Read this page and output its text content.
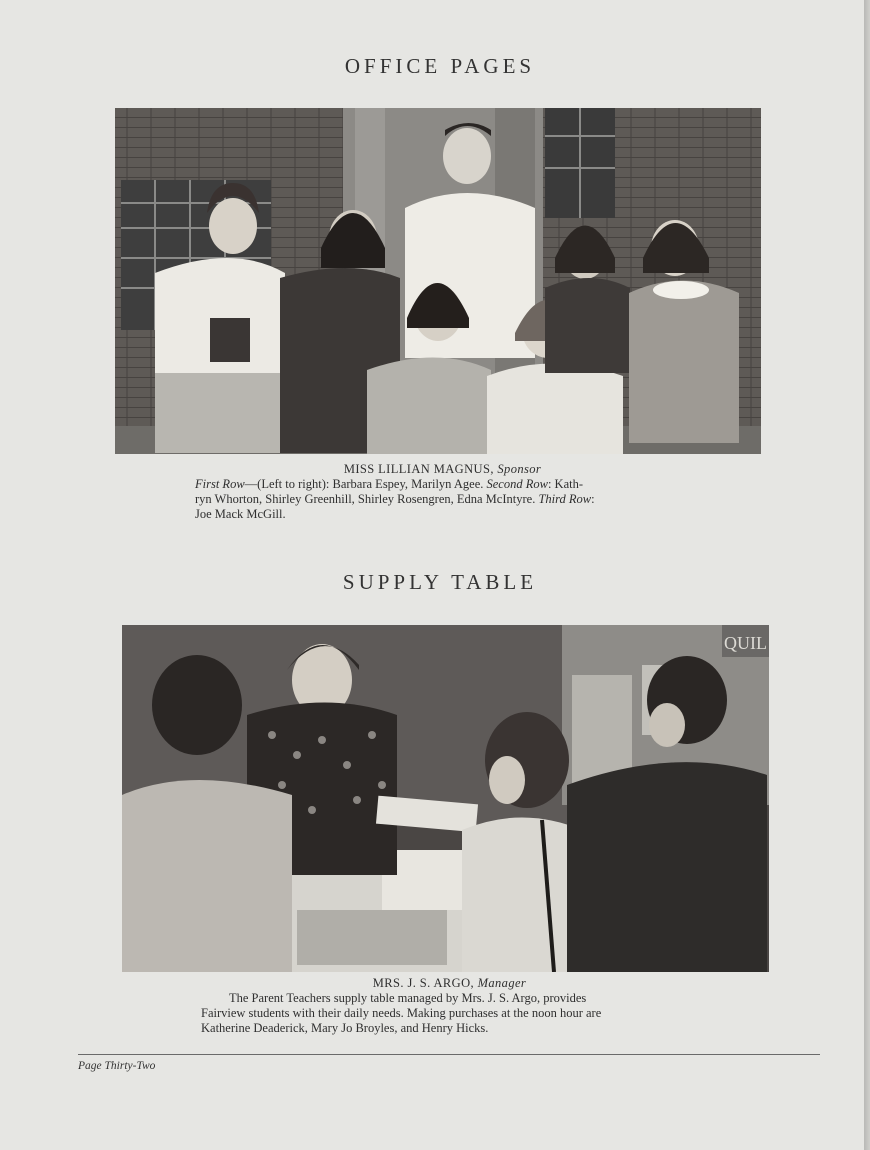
OFFICE PAGES
MISS LILLIAN MAGNUS, Sponsor
First Row—(Left to right): Barbara Espey, Marilyn Agee. Second Row: Kath-
ryn Whorton, Shirley Greenhill, Shirley Rosengren, Edna McIntyre. Third Row:
Joe Mack McGill.
SUPPLY TABLE
QUIL
MRS. J. S. ARGO, Manager
The Parent Teachers supply table managed by Mrs. J. S. Argo, provides
Fairview students with their daily needs. Making purchases at the noon hour are
Katherine Deaderick, Mary Jo Broyles, and Henry Hicks.
Page Thirty-Two
